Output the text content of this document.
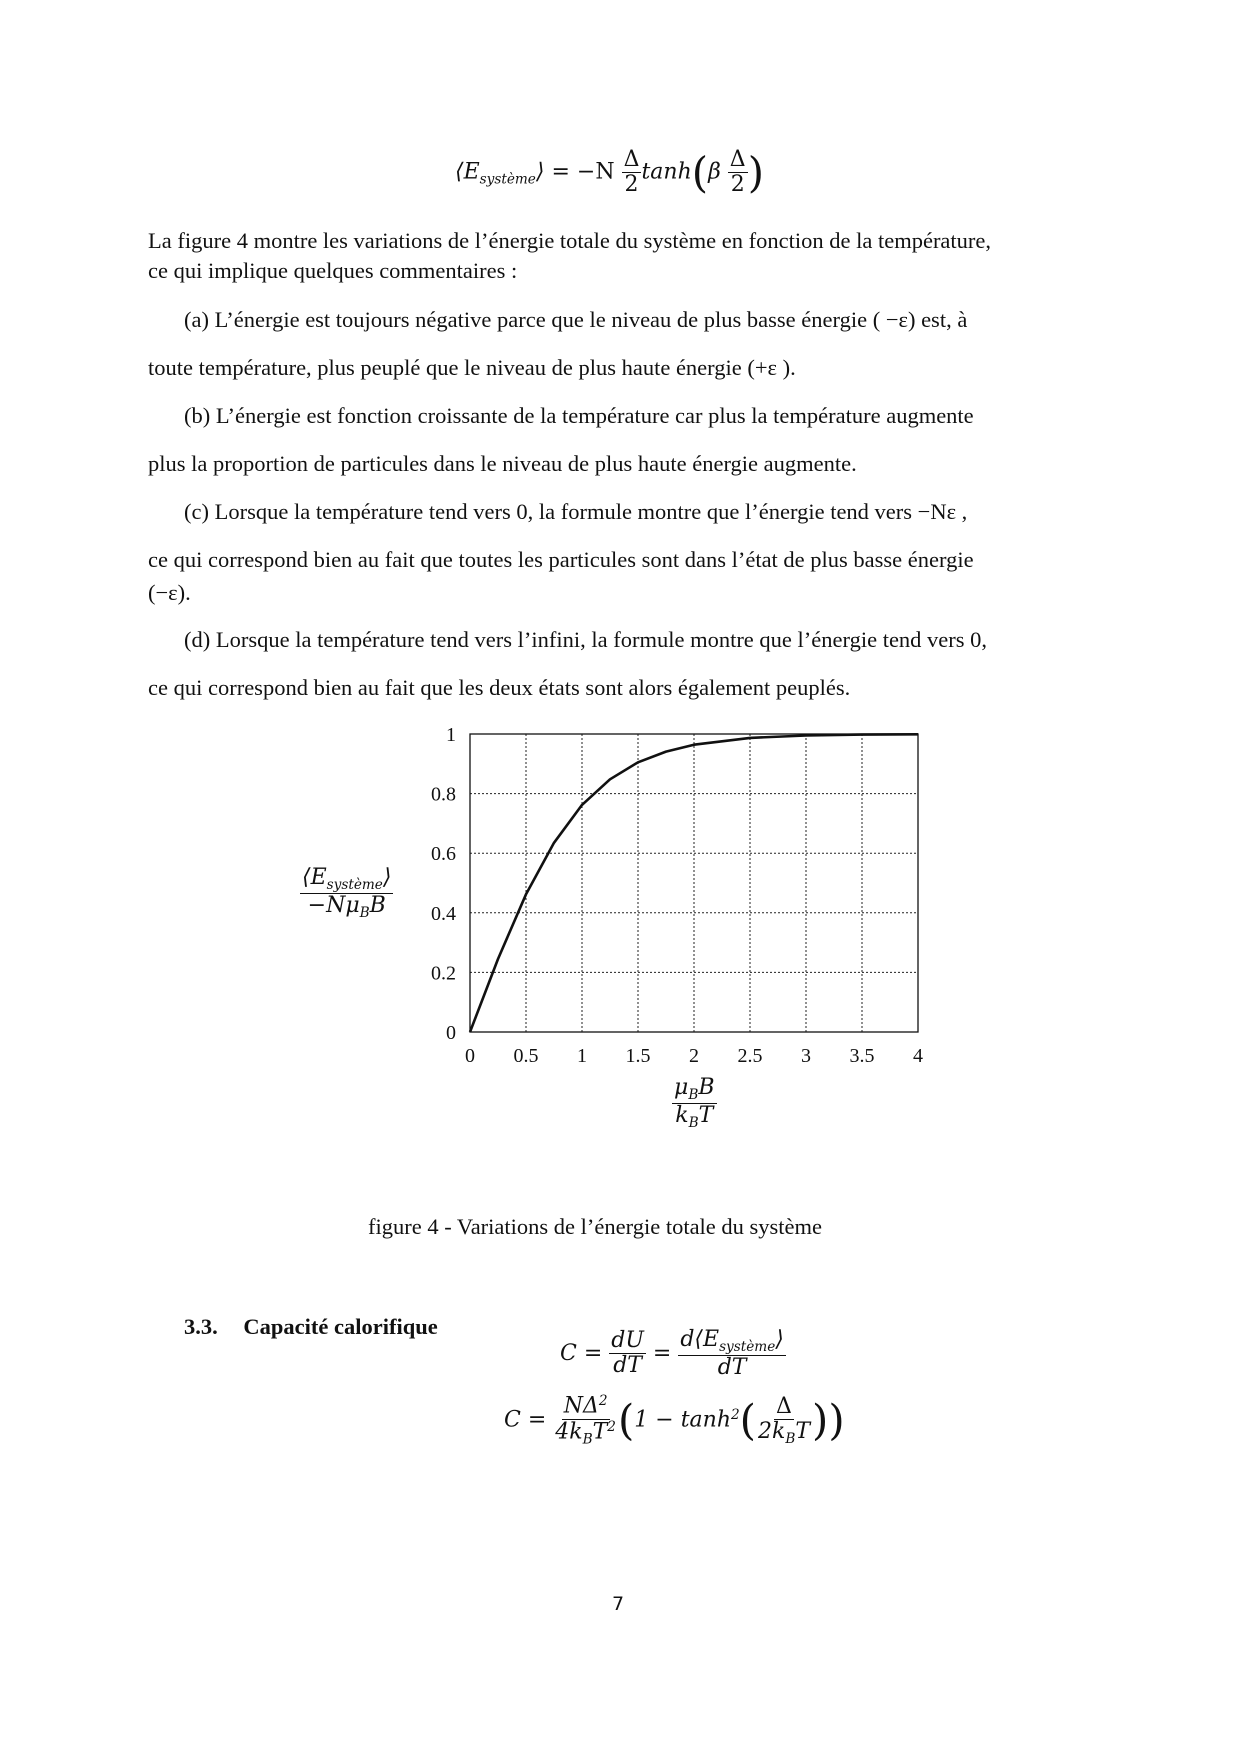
$⟨E_{système}⟩ = -N \frac{\Delta}{2} \tanh(\beta \frac{\Delta}{2}$ )
La figure 4 montre les variations de l’énergie totale du système en fonction de la température,
ce qui implique quelques commentaires :
(a) L’énergie est toujours négative parce que le niveau de plus basse énergie ( −ε) est, à
toute température, plus peuplé que le niveau de plus haute énergie (+ε ).
(b) L’énergie est fonction croissante de la température car plus la température augmente
plus la proportion de particules dans le niveau de plus haute énergie augmente.
(c) Lorsque la température tend vers 0, la formule montre que l’énergie tend vers −Nε ,
ce qui correspond bien au fait que toutes les particules sont dans l’état de plus basse énergie
(−ε).
(d) Lorsque la température tend vers l’infini, la formule montre que l’énergie tend vers 0,
ce qui correspond bien au fait que les deux états sont alors également peuplés.
0 0.5 1 1.5 2 2.5 3 3.5 4
0
0.2
0.4
0.6
0.8
1
$\frac{⟨E_{système}⟩}{-N\mu_BB}$
$\frac{\mu_BB}{k_BT}$
figure 4 - Variations de l’énergie totale du système
3.3. Capacité calorifique
$C = \frac{dU}{dT} = \frac{d⟨E_{système}⟩}{dT}$
$C = \frac{N\Delta^2}{4k_BT^2} (1 - \tanh^2( \frac{\Delta}{2k_BT}$ ))
7
